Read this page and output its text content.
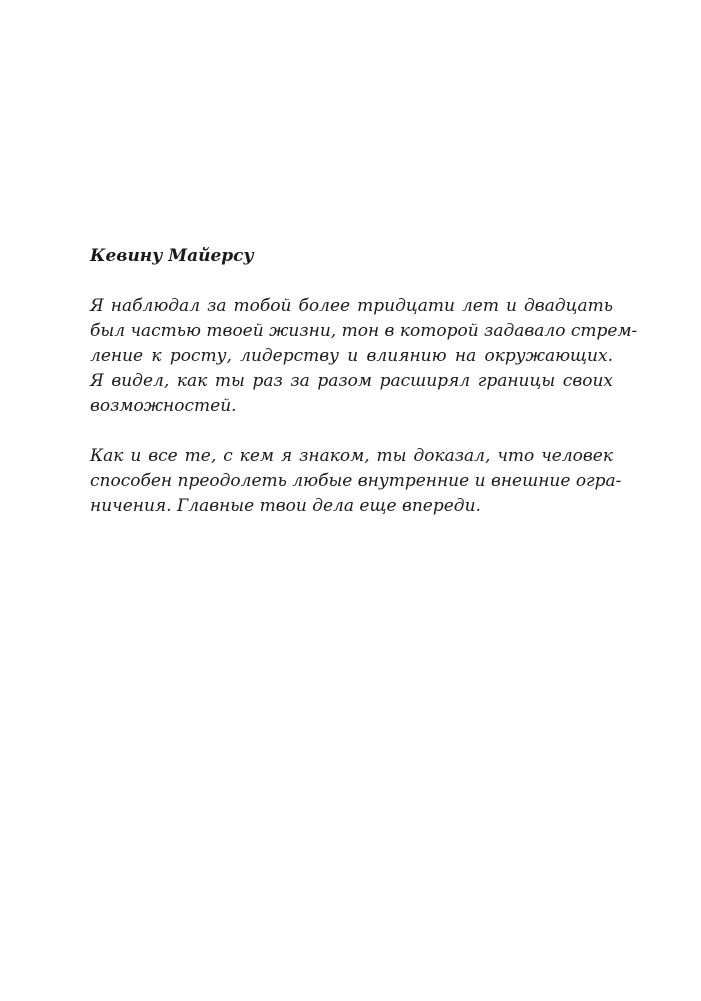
Кевину Майерсу
Я наблюдал за тобой более тридцати лет и двадцать
был частью твоей жизни, тон в которой задавало стрем-
ление к росту, лидерству и влиянию на окружающих.
Я видел, как ты раз за разом расширял границы своих
возможностей.
Как и все те, с кем я знаком, ты доказал, что человек
способен преодолеть любые внутренние и внешние огра-
ничения. Главные твои дела еще впереди.
